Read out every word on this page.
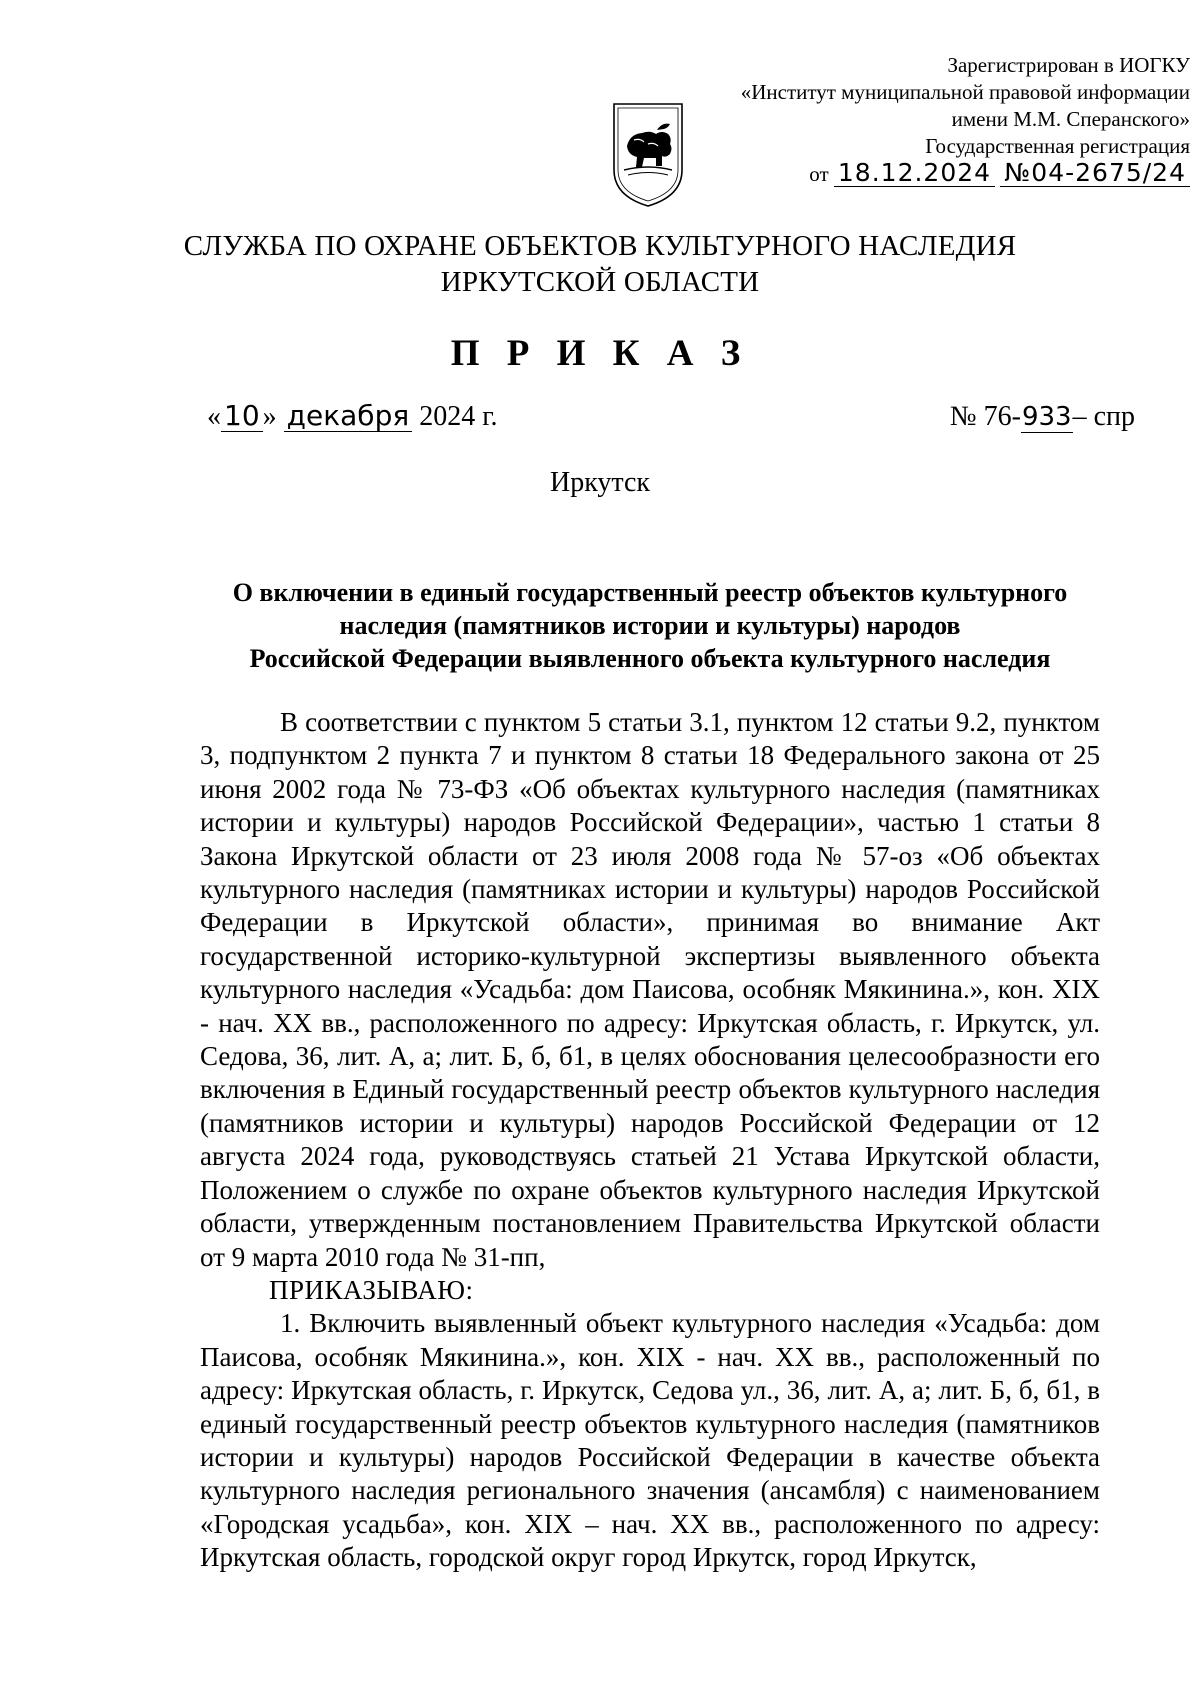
Зарегистрирован в ИОГКУ
«Институт муниципальной правовой информации
имени М.М. Сперанского»
Государственная регистрация
от 18.12.2024 №04-2675/24
СЛУЖБА ПО ОХРАНЕ ОБЪЕКТОВ КУЛЬТУРНОГО НАСЛЕДИЯ
ИРКУТСКОЙ ОБЛАСТИ
П Р И К А З
« 10 » декабря 2024 г.	№ 76-933– спр
Иркутск
О включении в единый государственный реестр объектов культурного
наследия (памятников истории и культуры) народов
Российской Федерации выявленного объекта культурного наследия

В соответствии с пунктом 5 статьи 3.1, пунктом 12 статьи 9.2, пунктом 3, подпунктом 2 пункта 7 и пунктом 8 статьи 18 Федерального закона от 25 июня 2002 года № 73-ФЗ «Об объектах культурного наследия (памятниках истории и культуры) народов Российской Федерации», частью 1 статьи 8 Закона Иркутской области от 23 июля 2008 года № 57-оз «Об объектах культурного наследия (памятниках истории и культуры) народов Российской Федерации в Иркутской области», принимая во внимание Акт государственной историко-культурной экспертизы выявленного объекта культурного наследия «Усадьба: дом Паисова, особняк Мякинина.», кон. XIX - нач. XX вв., расположенного по адресу: Иркутская область, г. Иркутск, ул. Седова, 36, лит. А, а; лит. Б, б, б1, в целях обоснования целесообразности его включения в Единый государственный реестр объектов культурного наследия (памятников истории и культуры) народов Российской Федерации от 12 августа 2024 года, руководствуясь статьей 21 Устава Иркутской области, Положением о службе по охране объектов культурного наследия Иркутской области, утвержденным постановлением Правительства Иркутской области от 9 марта 2010 года № 31-пп,

ПРИКАЗЫВАЮ:

1. Включить выявленный объект культурного наследия «Усадьба: дом Паисова, особняк Мякинина.», кон. XIX - нач. XX вв., расположенный по адресу: Иркутская область, г. Иркутск, Седова ул., 36, лит. А, а; лит. Б, б, б1, в единый государственный реестр объектов культурного наследия (памятников истории и культуры) народов Российской Федерации в качестве объекта культурного наследия регионального значения (ансамбля) с наименованием «Городская усадьба», кон. XIX – нач. XX вв., расположенного по адресу: Иркутская область, городской округ город Иркутск, город Иркутск,
